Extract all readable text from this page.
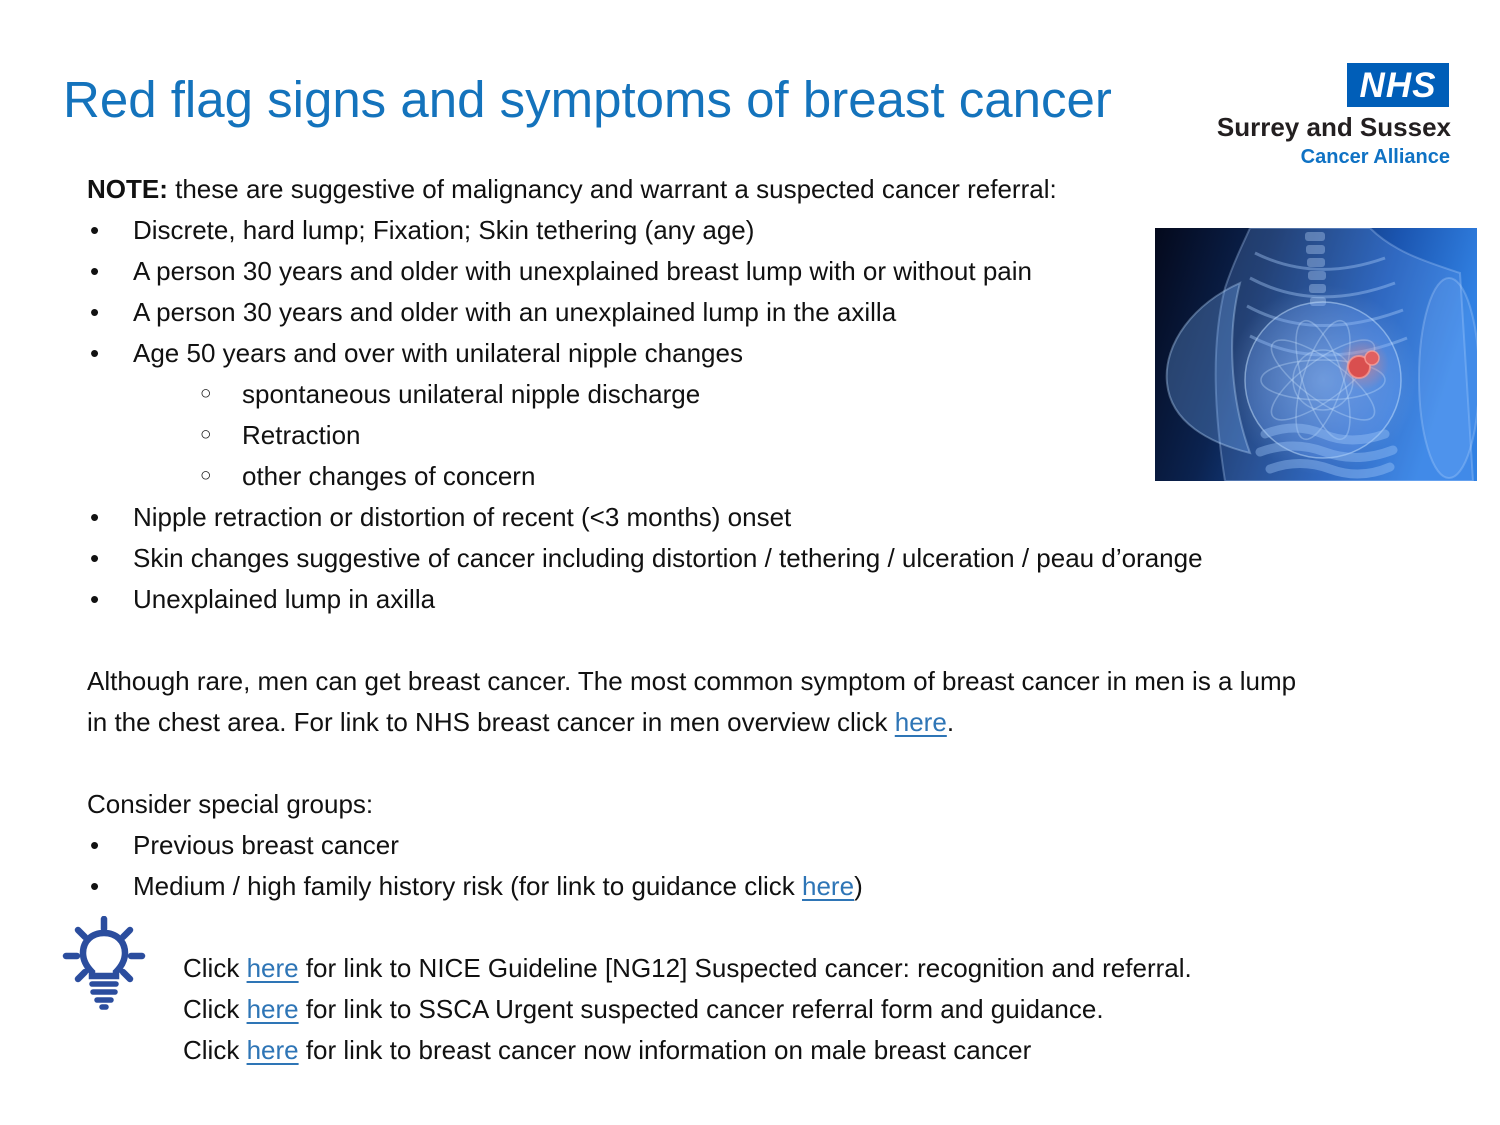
Red flag signs and symptoms of breast cancer	NHS
Surrey and Sussex
Cancer Alliance
NOTE: these are suggestive of malignancy and warrant a suspected cancer referral:
• Discrete, hard lump; Fixation; Skin tethering (any age)
• A person 30 years and older with unexplained breast lump with or without pain
• A person 30 years and older with an unexplained lump in the axilla
• Age 50 years and over with unilateral nipple changes
○ spontaneous unilateral nipple discharge
○ Retraction
○ other changes of concern
• Nipple retraction or distortion of recent (<3 months) onset
• Skin changes suggestive of cancer including distortion / tethering / ulceration / peau d’orange
• Unexplained lump in axilla
Although rare, men can get breast cancer. The most common symptom of breast cancer in men is a lump
in the chest area. For link to NHS breast cancer in men overview click here.
Consider special groups:
• Previous breast cancer
• Medium / high family history risk (for link to guidance click here)
Click here for link to NICE Guideline [NG12] Suspected cancer: recognition and referral.
Click here for link to SSCA Urgent suspected cancer referral form and guidance.
Click here for link to breast cancer now information on male breast cancer
